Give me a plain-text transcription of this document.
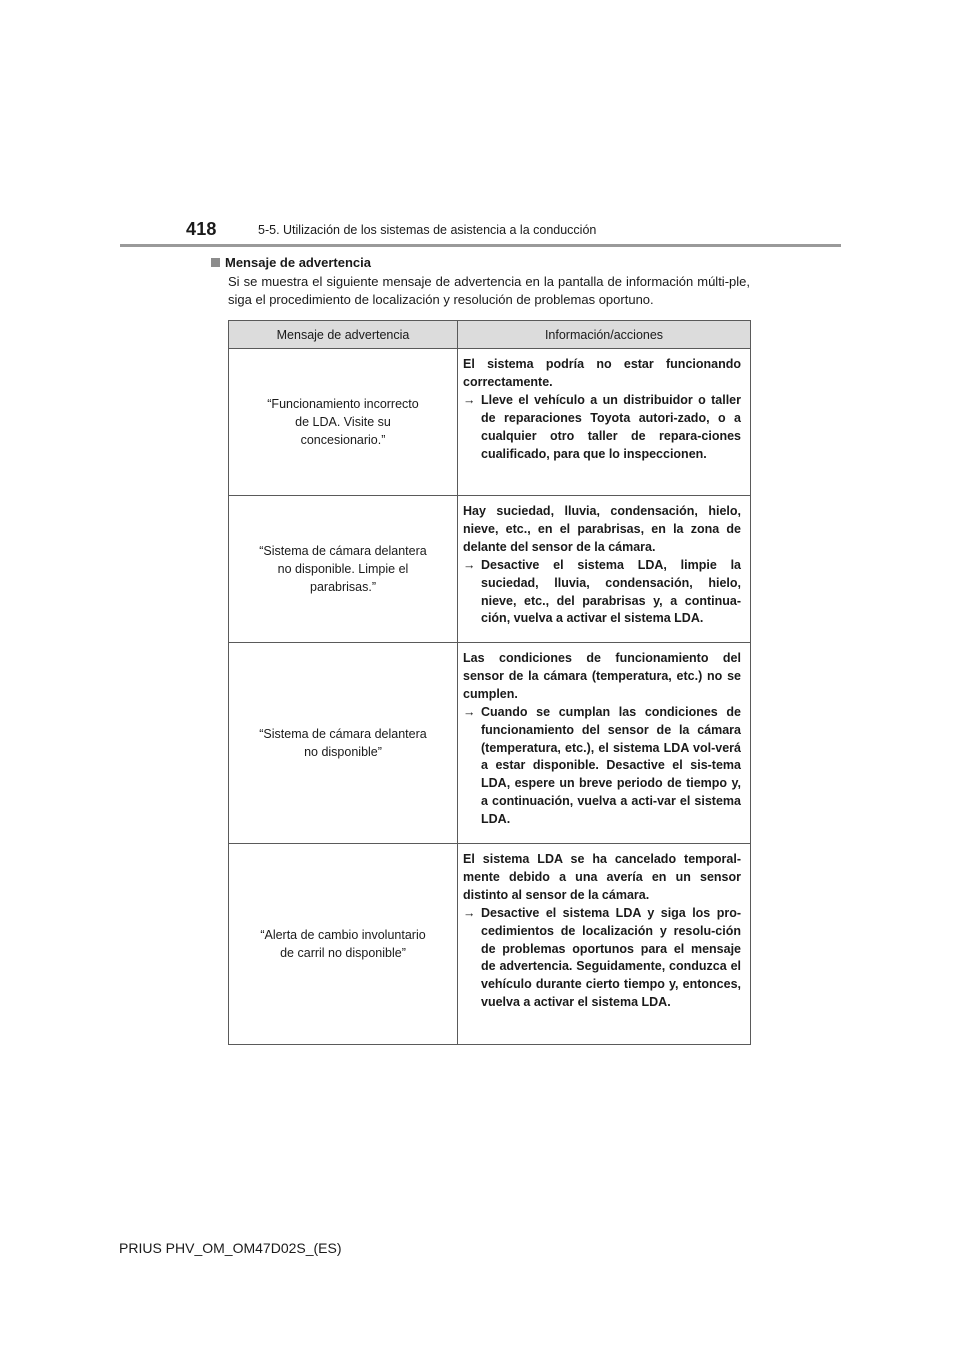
418	5-5. Utilización de los sistemas de asistencia a la conducción
Mensaje de advertencia
Si se muestra el siguiente mensaje de advertencia en la pantalla de información múlti-ple, siga el procedimiento de localización y resolución de problemas oportuno.
Mensaje de advertencia	Información/acciones
“Funcionamiento incorrecto de LDA. Visite su concesionario.”	El sistema podría no estar funcionando correctamente.
→ Lleve el vehículo a un distribuidor o taller de reparaciones Toyota autori-zado, o a cualquier otro taller de repara-ciones cualificado, para que lo inspeccionen.

“Sistema de cámara delantera no disponible. Limpie el parabrisas.”	Hay suciedad, lluvia, condensación, hielo, nieve, etc., en el parabrisas, en la zona de delante del sensor de la cámara.
→ Desactive el sistema LDA, limpie la suciedad, lluvia, condensación, hielo, nieve, etc., del parabrisas y, a continua-ción, vuelva a activar el sistema LDA.

“Sistema de cámara delantera no disponible”	Las condiciones de funcionamiento del sensor de la cámara (temperatura, etc.) no se cumplen.
→ Cuando se cumplan las condiciones de funcionamiento del sensor de la cámara (temperatura, etc.), el sistema LDA vol-verá a estar disponible. Desactive el sis-tema LDA, espere un breve periodo de tiempo y, a continuación, vuelva a acti-var el sistema LDA.

“Alerta de cambio involuntario de carril no disponible”	El sistema LDA se ha cancelado temporal-mente debido a una avería en un sensor distinto al sensor de la cámara.
→ Desactive el sistema LDA y siga los pro-cedimientos de localización y resolu-ción de problemas oportunos para el mensaje de advertencia. Seguidamente, conduzca el vehículo durante cierto tiempo y, entonces, vuelva a activar el sistema LDA.
PRIUS PHV_OM_OM47D02S_(ES)
